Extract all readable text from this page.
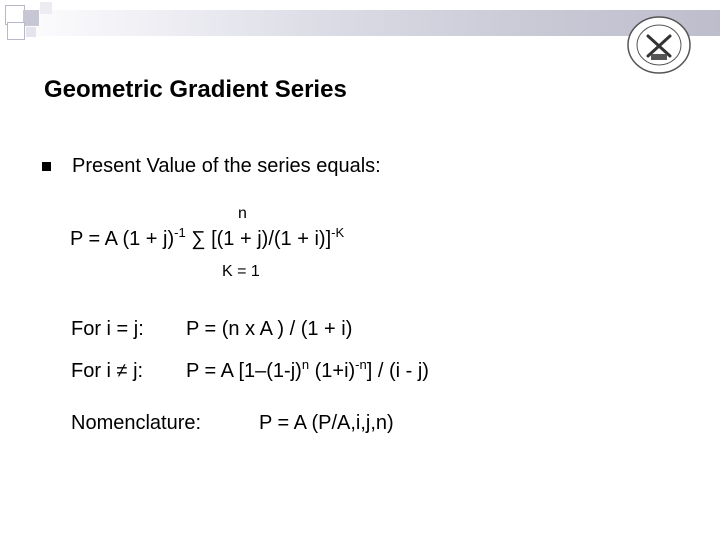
Geometric Gradient Series
Present Value of the series equals:
n
P = A $(1 + j)^{-1}$ ∑ $[(1 + j)/(1 + i)]^{-K}$
K = 1
For i = j: P = (n x A ) / (1 + i)
For i ≠ j: P = A [$1-(1-j)^n$ $(1+i)^{-n}] / (i - j)$
Nomenclature:	P = A (P/A,i,j,n)
